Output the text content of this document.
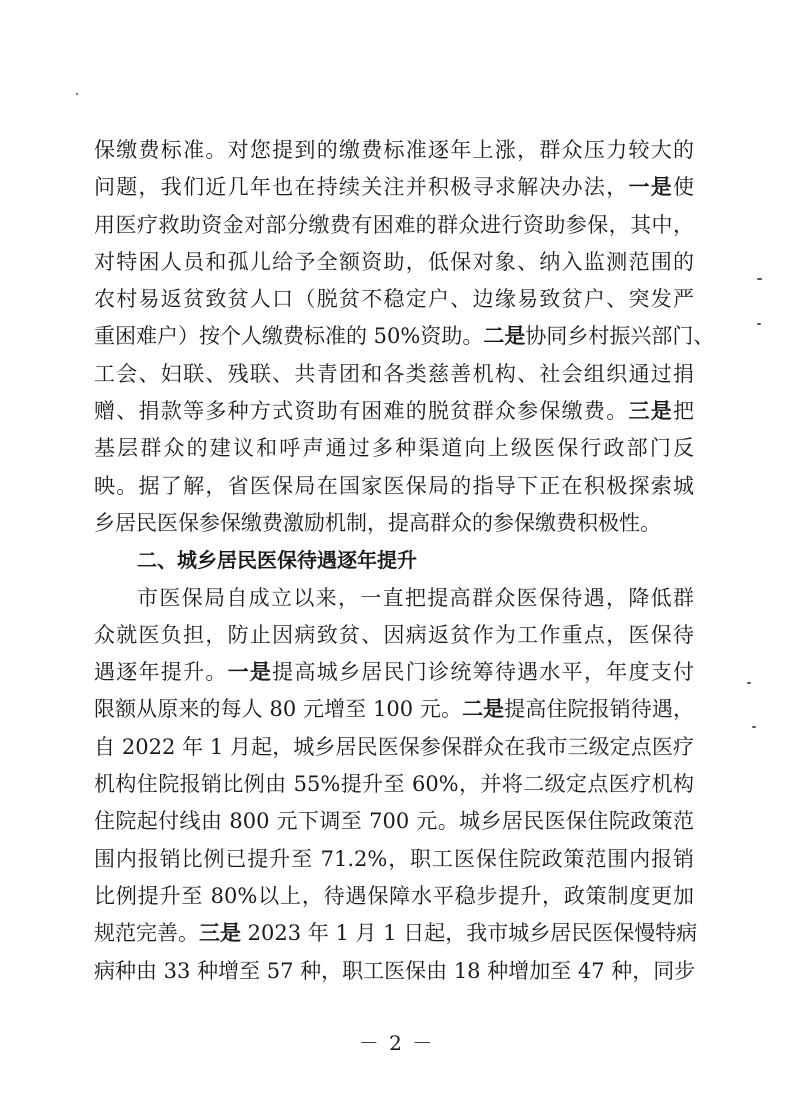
保缴费标准。对您提到的缴费标准逐年上涨，群众压力较大的
问题，我们近几年也在持续关注并积极寻求解决办法，一是使
用医疗救助资金对部分缴费有困难的群众进行资助参保，其中，
对特困人员和孤儿给予全额资助，低保对象、纳入监测范围的
农村易返贫致贫人口（脱贫不稳定户、边缘易致贫户、突发严
重困难户）按个人缴费标准的 50%资助。二是协同乡村振兴部门、
工会、妇联、残联、共青团和各类慈善机构、社会组织通过捐
赠、捐款等多种方式资助有困难的脱贫群众参保缴费。三是把
基层群众的建议和呼声通过多种渠道向上级医保行政部门反
映。据了解，省医保局在国家医保局的指导下正在积极探索城
乡居民医保参保缴费激励机制，提高群众的参保缴费积极性。
二、城乡居民医保待遇逐年提升
市医保局自成立以来，一直把提高群众医保待遇，降低群
众就医负担，防止因病致贫、因病返贫作为工作重点，医保待
遇逐年提升。一是提高城乡居民门诊统筹待遇水平，年度支付
限额从原来的每人 80 元增至 100 元。二是提高住院报销待遇，
自 2022 年 1 月起，城乡居民医保参保群众在我市三级定点医疗
机构住院报销比例由 55%提升至 60%，并将二级定点医疗机构
住院起付线由 800 元下调至 700 元。城乡居民医保住院政策范
围内报销比例已提升至 71.2%，职工医保住院政策范围内报销
比例提升至 80%以上，待遇保障水平稳步提升，政策制度更加
规范完善。三是 2023 年 1 月 1 日起，我市城乡居民医保慢特病
病种由 33 种增至 57 种，职工医保由 18 种增加至 47 种，同步
－ 2 －
